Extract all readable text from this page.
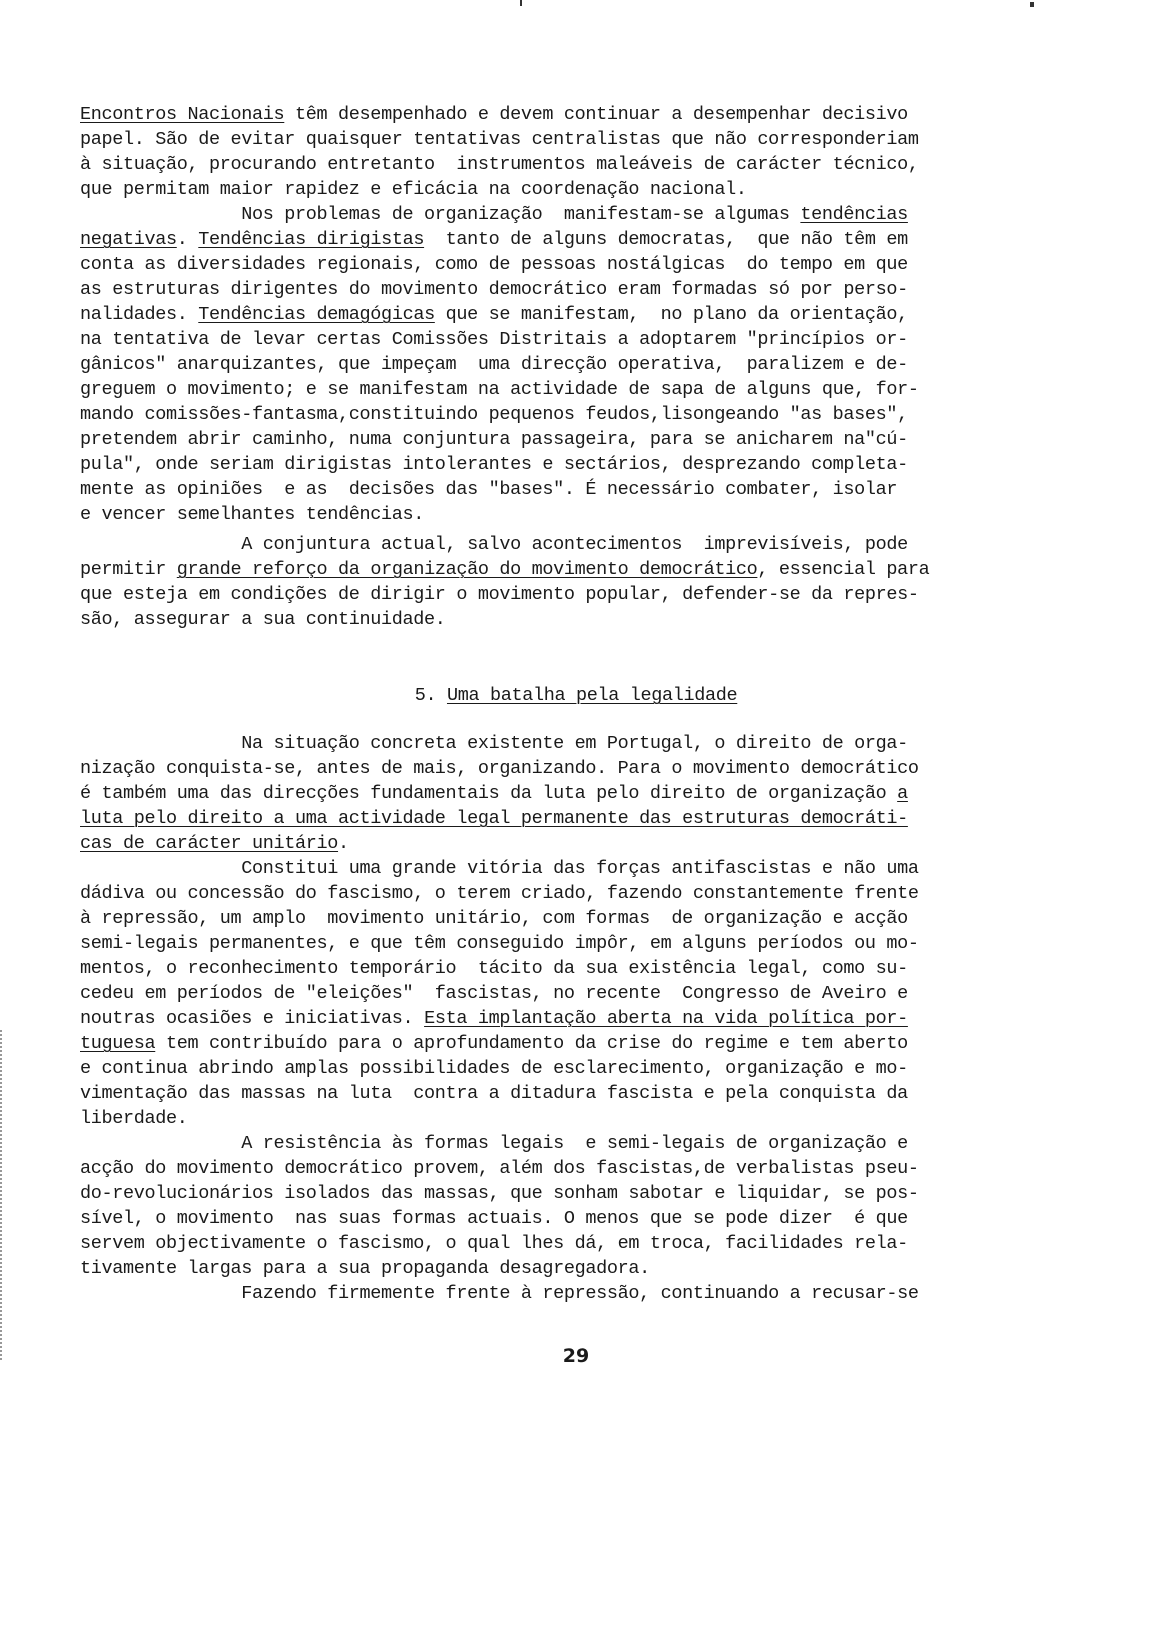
Encontros Nacionais têm desempenhado e devem continuar a desempenhar decisivo
papel. São de evitar quaisquer tentativas centralistas que não corresponderiam
à situação, procurando entretanto  instrumentos maleáveis de carácter técnico,
que permitam maior rapidez e eficácia na coordenação nacional.
Nos problemas de organização  manifestam-se algumas tendências
negativas. Tendências dirigistas  tanto de alguns democratas,  que não têm em
conta as diversidades regionais, como de pessoas nostálgicas  do tempo em que
as estruturas dirigentes do movimento democrático eram formadas só por perso-
nalidades. Tendências demagógicas que se manifestam,  no plano da orientação,
na tentativa de levar certas Comissões Distritais a adoptarem "princípios or-
gânicos" anarquizantes, que impeçam  uma direcção operativa,  paralizem e de-
greguem o movimento; e se manifestam na actividade de sapa de alguns que, for-
mando comissões-fantasma,constituindo pequenos feudos,lisongeando "as bases",
pretendem abrir caminho, numa conjuntura passageira, para se anicharem na"cú-
pula", onde seriam dirigistas intolerantes e sectários, desprezando completa-
mente as opiniões  e as  decisões das "bases". É necessário combater, isolar
e vencer semelhantes tendências.
A conjuntura actual, salvo acontecimentos  imprevisíveis, pode
permitir grande reforço da organização do movimento democrático, essencial para
que esteja em condições de dirigir o movimento popular, defender-se da repres-
são, assegurar a sua continuidade.
5. Uma batalha pela legalidade
Na situação concreta existente em Portugal, o direito de orga-
nização conquista-se, antes de mais, organizando. Para o movimento democrático
é também uma das direcções fundamentais da luta pelo direito de organização a
luta pelo direito a uma actividade legal permanente das estruturas democráti-
cas de carácter unitário.
Constitui uma grande vitória das forças antifascistas e não uma
dádiva ou concessão do fascismo, o terem criado, fazendo constantemente frente
à repressão, um amplo  movimento unitário, com formas  de organização e acção
semi-legais permanentes, e que têm conseguido impôr, em alguns períodos ou mo-
mentos, o reconhecimento temporário  tácito da sua existência legal, como su-
cedeu em períodos de "eleições"  fascistas, no recente  Congresso de Aveiro e
noutras ocasiões e iniciativas. Esta implantação aberta na vida política por-
tuguesa tem contribuído para o aprofundamento da crise do regime e tem aberto
e continua abrindo amplas possibilidades de esclarecimento, organização e mo-
vimentação das massas na luta  contra a ditadura fascista e pela conquista da
liberdade.
A resistência às formas legais  e semi-legais de organização e
acção do movimento democrático provem, além dos fascistas,de verbalistas pseu-
do-revolucionários isolados das massas, que sonham sabotar e liquidar, se pos-
sível, o movimento  nas suas formas actuais. O menos que se pode dizer  é que
servem objectivamente o fascismo, o qual lhes dá, em troca, facilidades rela-
tivamente largas para a sua propaganda desagregadora.
Fazendo firmemente frente à repressão, continuando a recusar-se
29
